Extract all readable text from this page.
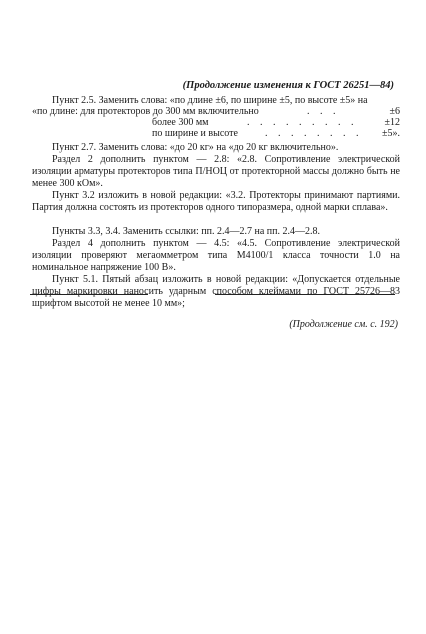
(Продолжение изменения к ГОСТ 26251—84)

Пункт 2.5. Заменить слова: «по длине ±6, по ширине ±5, по высоте ±5» на

«по длине: для протекторов до 300 мм включительно	. . .	±6
более 300 мм	. . . . . . . . .	±12
по ширине и высоте	. . . . . . . . ±5».

Пункт 2.7. Заменить слова: «до 20 кг» на «до 20 кг включительно».

Раздел 2 дополнить пунктом — 2.8: «2.8. Сопротивление электрической изоляции арматуры протекторов типа П/НОЦ от протекторной массы должно быть не менее 300 кОм».

Пункт 3.2 изложить в новой редакции: «3.2. Протекторы принимают партиями. Партия должна состоять из протекторов одного типоразмера, одной марки сплава».

Пункты 3.3, 3.4. Заменить ссылки: пп. 2.4—2.7 на пп. 2.4—2.8.

Раздел 4 дополнить пунктом — 4.5: «4.5. Сопротивление электрической изоляции проверяют мегаомметром типа М4100/1 класса точности 1.0 на номинальное напряжение 100 В».

Пункт 5.1. Пятый абзац изложить в новой редакции: «Допускается отдельные цифры маркировки наносить ударным способом клеймами по ГОСТ 25726—83 шрифтом высотой не менее 10 мм»;

(Продолжение см. с. 192)
